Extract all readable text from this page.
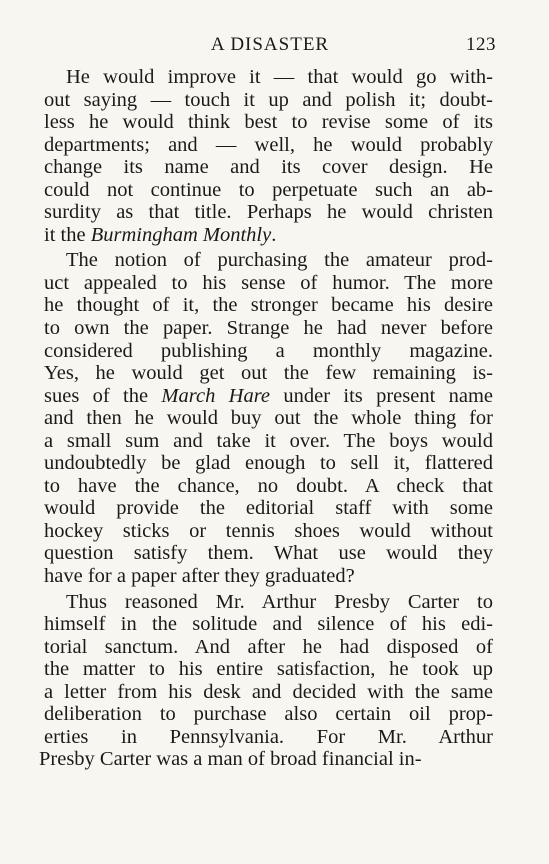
A DISASTER	123
He would improve it — that would go with-
out saying — touch it up and polish it; doubt-
less he would think best to revise some of its
departments; and — well, he would probably
change its name and its cover design. He
could not continue to perpetuate such an ab-
surdity as that title. Perhaps he would christen
it the Burmingham Monthly.
The notion of purchasing the amateur prod-
uct appealed to his sense of humor. The more
he thought of it, the stronger became his desire
to own the paper. Strange he had never before
considered publishing a monthly magazine.
Yes, he would get out the few remaining is-
sues of the March Hare under its present name
and then he would buy out the whole thing for
a small sum and take it over. The boys would
undoubtedly be glad enough to sell it, flattered
to have the chance, no doubt. A check that
would provide the editorial staff with some
hockey sticks or tennis shoes would without
question satisfy them. What use would they
have for a paper after they graduated?
Thus reasoned Mr. Arthur Presby Carter to
himself in the solitude and silence of his edi-
torial sanctum. And after he had disposed of
the matter to his entire satisfaction, he took up
a letter from his desk and decided with the same
deliberation to purchase also certain oil prop-
erties in Pennsylvania. For Mr. Arthur
Presby Carter was a man of broad financial in-
